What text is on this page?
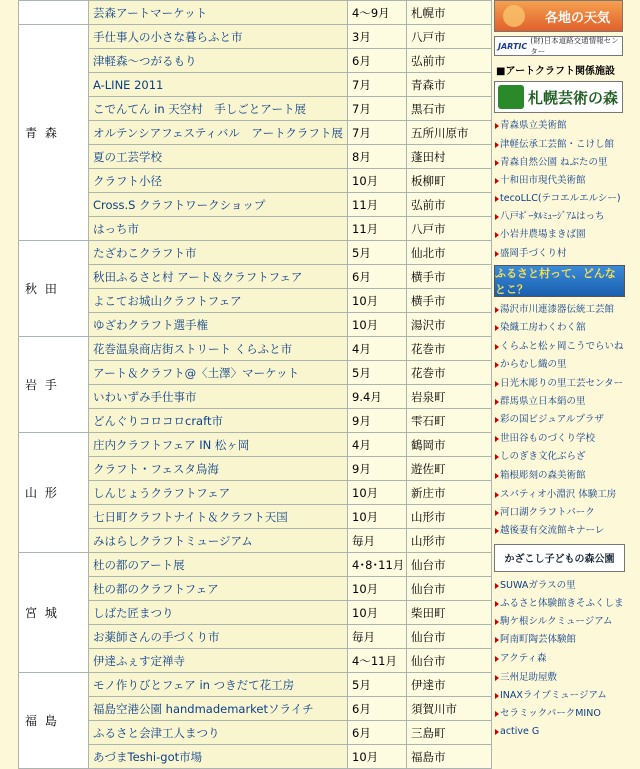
	芸森アートマーケット	4～9月	札幌市
青 森	手仕事人の小さな暮らふと市	3月	八戸市
	津軽森～つがるもり	6月	弘前市
	A-LINE 2011	7月	青森市
	こでんてん in 天空村　手しごとアート展	7月	黒石市
	オルテンシアフェスティバル　アートクラフト展	7月	五所川原市
	夏の工芸学校	8月	蓬田村
	クラフト小径	10月	板柳町
	Cross.S クラフトワークショップ	11月	弘前市
	はっち市	11月	八戸市
秋 田	たざわこクラフト市	5月	仙北市
	秋田ふるさと村 アート＆クラフトフェア	6月	横手市
	よこてお城山クラフトフェア	10月	横手市
	ゆざわクラフト選手権	10月	湯沢市
岩 手	花巻温泉商店街ストリート くらふと市	4月	花巻市
	アート＆クラフト@〈土澤〉マーケット	5月	花巻市
	いわいずみ手仕事市	9.4月	岩泉町
	どんぐりコロコロcraft市	9月	雫石町
山 形	庄内クラフトフェア IN 松ヶ岡	4月	鶴岡市
	クラフト・フェスタ鳥海	9月	遊佐町
	しんじょうクラフトフェア	10月	新庄市
	七日町クラフトナイト＆クラフト天国	10月	山形市
	みはらしクラフトミュージアム	毎月	山形市
宮 城	杜の都のアート展	4･8･11月	仙台市
	杜の都のクラフトフェア	10月	仙台市
	しばた匠まつり	10月	柴田町
	お薬師さんの手づくり市	毎月	仙台市
	伊達ふぇす定禅寺	4～11月	仙台市
福 島	モノ作りびとフェア in つきだて花工房	5月	伊達市
	福島空港公園 handmademarketソライチ	6月	須賀川市
	ふるさと会津工人まつり	6月	三島町
	あづまTeshi-got市場	10月	福島市
各地の天気
JARTIC
(財)日本道路交通情報センター
■アートクラフト関係施設
札幌芸術の森
青森県立美術館
津軽伝承工芸館・こけし館
青森自然公園 ねぶたの里
十和田市現代美術館
tecoLLC(テコエルエルシー)
八戸ﾎﾟｰﾀﾙﾐｭｰｼﾞｱﾑはっち
小岩井農場まきば園
盛岡手づくり村
ふるさと村って、どんなとこ？
湯沢市川連漆器伝統工芸館
染織工房わくわく舘
くらふと松ヶ岡こうでらいね
からむし織の里
日光木彫りの里工芸センター
群馬県立日本絹の里
彩の国ビジュアルプラザ
世田谷ものづくり学校
しのぎき文化ぶらざ
箱根彫刻の森美術館
スパティオ小淵沢 体験工房
河口湖クラフトパーク
越後妻有交流館キナーレ
かざこし子どもの森公園
SUWAガラスの里
ふるさと体験館きそふくしま
駒ケ根シルクミュージアム
阿南町陶芸体験館
アクティ森
三州足助屋敷
INAXライブミュージアム
セラミックパークMINO
active G
